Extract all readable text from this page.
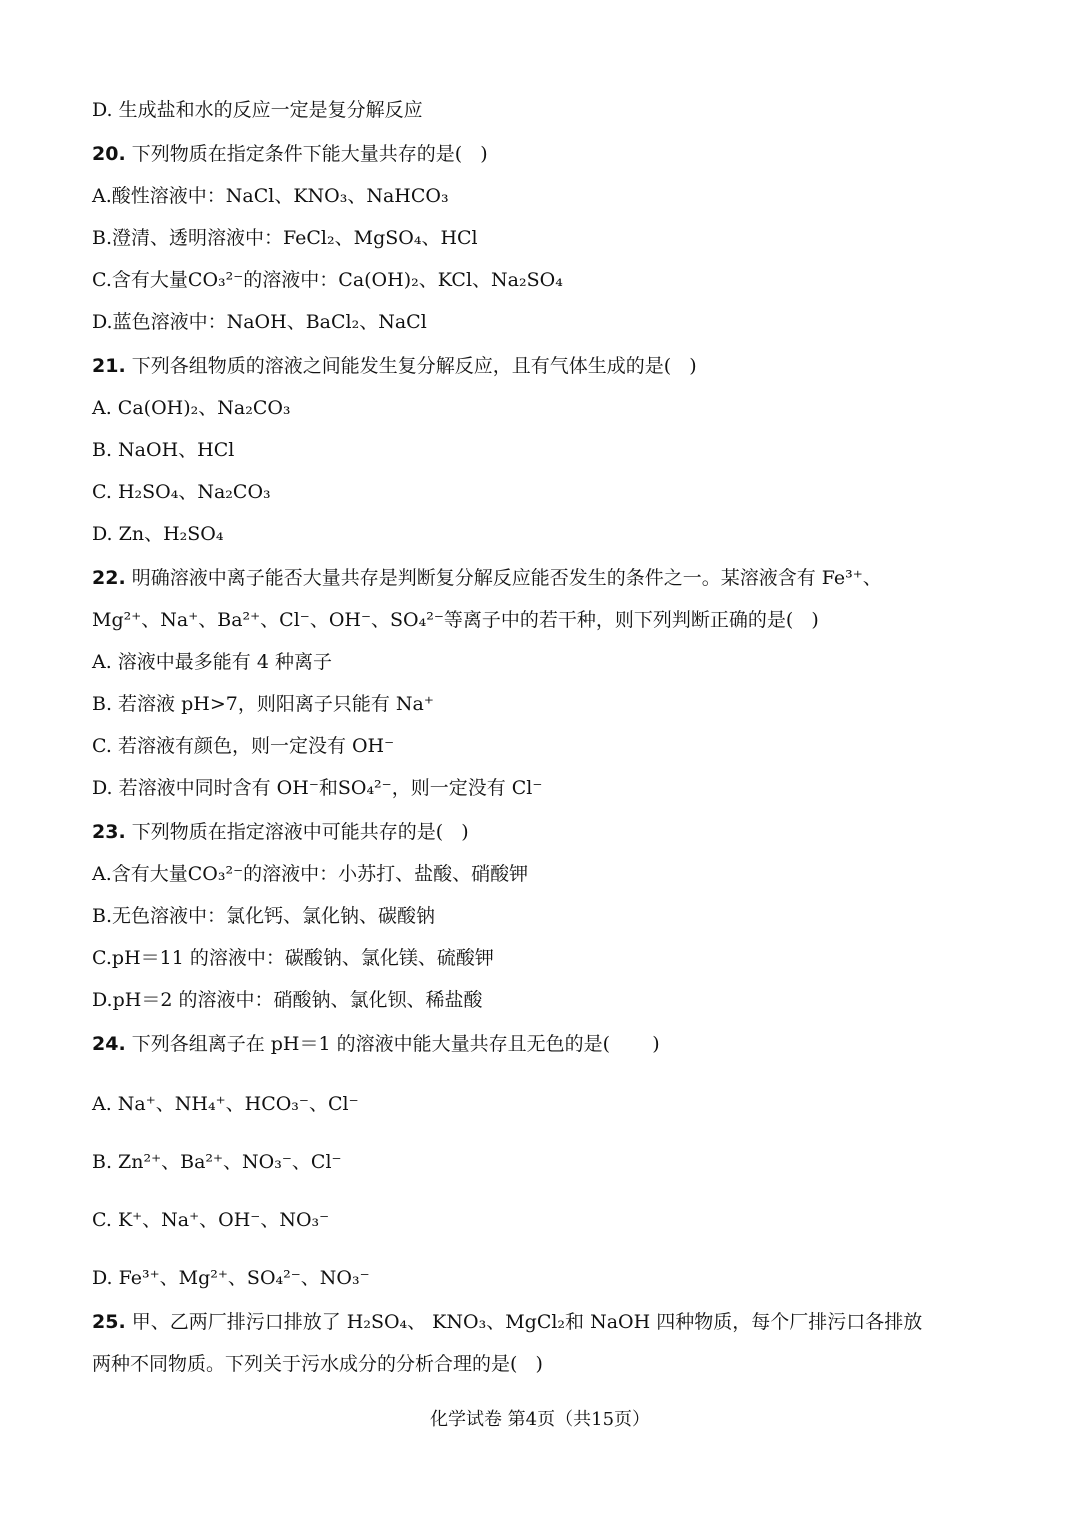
D. 生成盐和水的反应一定是复分解反应
20. 下列物质在指定条件下能大量共存的是(   )
A.酸性溶液中：NaCl、KNO₃、NaHCO₃
B.澄清、透明溶液中：FeCl₂、MgSO₄、HCl
C.含有大量CO₃²⁻的溶液中：Ca(OH)₂、KCl、Na₂SO₄
D.蓝色溶液中：NaOH、BaCl₂、NaCl
21. 下列各组物质的溶液之间能发生复分解反应，且有气体生成的是(   )
A. Ca(OH)₂、Na₂CO₃
B. NaOH、HCl
C. H₂SO₄、Na₂CO₃
D. Zn、H₂SO₄
22. 明确溶液中离子能否大量共存是判断复分解反应能否发生的条件之一。某溶液含有 Fe³⁺、
Mg²⁺、Na⁺、Ba²⁺、Cl⁻、OH⁻、SO₄²⁻等离子中的若干种，则下列判断正确的是(   )
A. 溶液中最多能有 4 种离子
B. 若溶液 pH>7，则阳离子只能有 Na⁺
C. 若溶液有颜色，则一定没有 OH⁻
D. 若溶液中同时含有 OH⁻和SO₄²⁻，则一定没有 Cl⁻
23. 下列物质在指定溶液中可能共存的是(   )
A.含有大量CO₃²⁻的溶液中：小苏打、盐酸、硝酸钾
B.无色溶液中：氯化钙、氯化钠、碳酸钠
C.pH＝11 的溶液中：碳酸钠、氯化镁、硫酸钾
D.pH＝2 的溶液中：硝酸钠、氯化钡、稀盐酸
24. 下列各组离子在 pH＝1 的溶液中能大量共存且无色的是(       )
A. Na⁺、NH₄⁺、HCO₃⁻、Cl⁻
B. Zn²⁺、Ba²⁺、NO₃⁻、Cl⁻
C. K⁺、Na⁺、OH⁻、NO₃⁻
D. Fe³⁺、Mg²⁺、SO₄²⁻、NO₃⁻
25. 甲、乙两厂排污口排放了 H₂SO₄、 KNO₃、MgCl₂和 NaOH 四种物质，每个厂排污口各排放
两种不同物质。下列关于污水成分的分析合理的是(   )
化学试卷 第4页（共15页）
